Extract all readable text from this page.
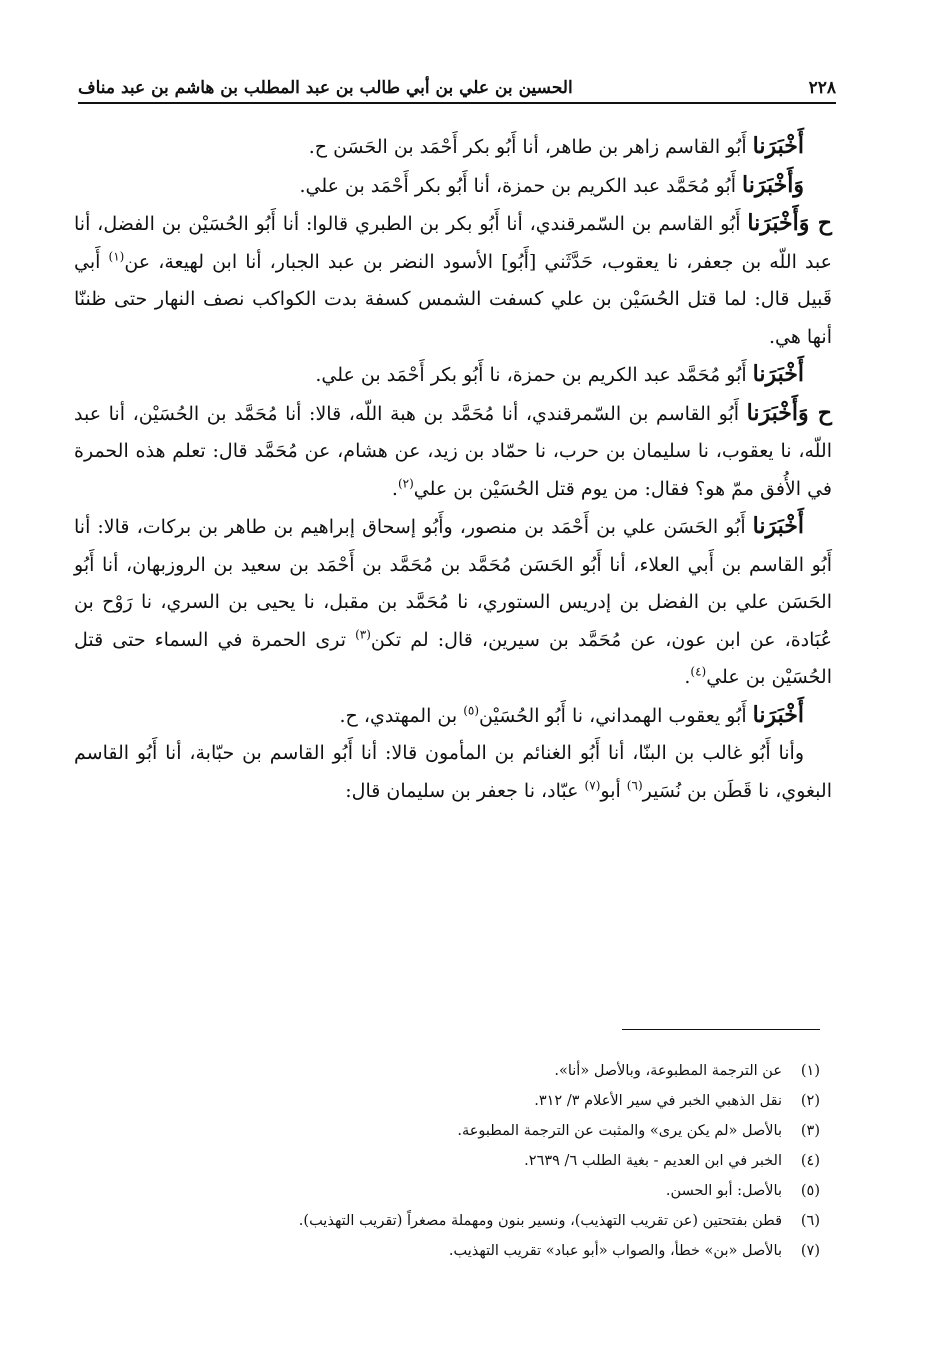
٢٢٨
الحسين بن علي بن أبي طالب بن عبد المطلب بن هاشم بن عبد مناف

أَخْبَرَنا أَبُو القاسم زاهر بن طاهر، أنا أَبُو بكر أَحْمَد بن الحَسَن ح.

وَأَخْبَرَنا أَبُو مُحَمَّد عبد الكريم بن حمزة، أنا أَبُو بكر أَحْمَد بن علي.

ح وَأَخْبَرَنا أَبُو القاسم بن السّمرقندي، أنا أَبُو بكر بن الطبري قالوا: أنا أَبُو الحُسَيْن بن الفضل، أنا عبد اللّه بن جعفر، نا يعقوب، حَدَّثَني [أَبُو] الأسود النضر بن عبد الجبار، أنا ابن لهيعة، عن$^{(١)}$ أَبي قَبيل قال: لما قتل الحُسَيْن بن علي كسفت الشمس كسفة بدت الكواكب نصف النهار حتى ظننّا أنها هي.

أَخْبَرَنا أَبُو مُحَمَّد عبد الكريم بن حمزة، نا أَبُو بكر أَحْمَد بن علي.

ح وَأَخْبَرَنا أَبُو القاسم بن السّمرقندي، أنا مُحَمَّد بن هبة اللّه، قالا: أنا مُحَمَّد بن الحُسَيْن، أنا عبد اللّه، نا يعقوب، نا سليمان بن حرب، نا حمّاد بن زيد، عن هشام، عن مُحَمَّد قال: تعلم هذه الحمرة في الأُفق ممّ هو؟ فقال: من يوم قتل الحُسَيْن بن علي$^{(٢)}$.

أَخْبَرَنا أَبُو الحَسَن علي بن أَحْمَد بن منصور، وأَبُو إسحاق إبراهيم بن طاهر بن بركات، قالا: أنا أَبُو القاسم بن أَبي العلاء، أنا أَبُو الحَسَن مُحَمَّد بن مُحَمَّد بن أَحْمَد بن سعيد بن الروزبهان، أنا أَبُو الحَسَن علي بن الفضل بن إدريس الستوري، نا مُحَمَّد بن مقبل، نا يحيى بن السري، نا رَوْح بن عُبَادة، عن ابن عون، عن مُحَمَّد بن سيرين، قال: لم تكن$^{(٣)}$ ترى الحمرة في السماء حتى قتل الحُسَيْن بن علي$^{(٤)}$.

أَخْبَرَنا أَبُو يعقوب الهمداني، نا أَبُو الحُسَيْن$^{(٥)}$ بن المهتدي، ح.

وأنا أَبُو غالب بن البنّا، أنا أَبُو الغنائم بن المأمون قالا: أنا أَبُو القاسم بن حبّابة، أنا أَبُو القاسم البغوي، نا قَطَن بن نُسَير$^{(٦)}$ أبو$^{(٧)}$ عبّاد، نا جعفر بن سليمان قال:

(١)عن الترجمة المطبوعة، وبالأصل «أنا».
(٢)نقل الذهبي الخبر في سير الأعلام ٣/ ٣١٢.
(٣)بالأصل «لم يكن يرى» والمثبت عن الترجمة المطبوعة.
(٤)الخبر في ابن العديم - بغية الطلب ٦/ ٢٦٣٩.
(٥)بالأصل: أبو الحسن.
(٦)قطن بفتحتين (عن تقريب التهذيب)، ونسير بنون ومهملة مصغراً (تقريب التهذيب).
(٧)بالأصل «بن» خطأ، والصواب «أبو عباد» تقريب التهذيب.
